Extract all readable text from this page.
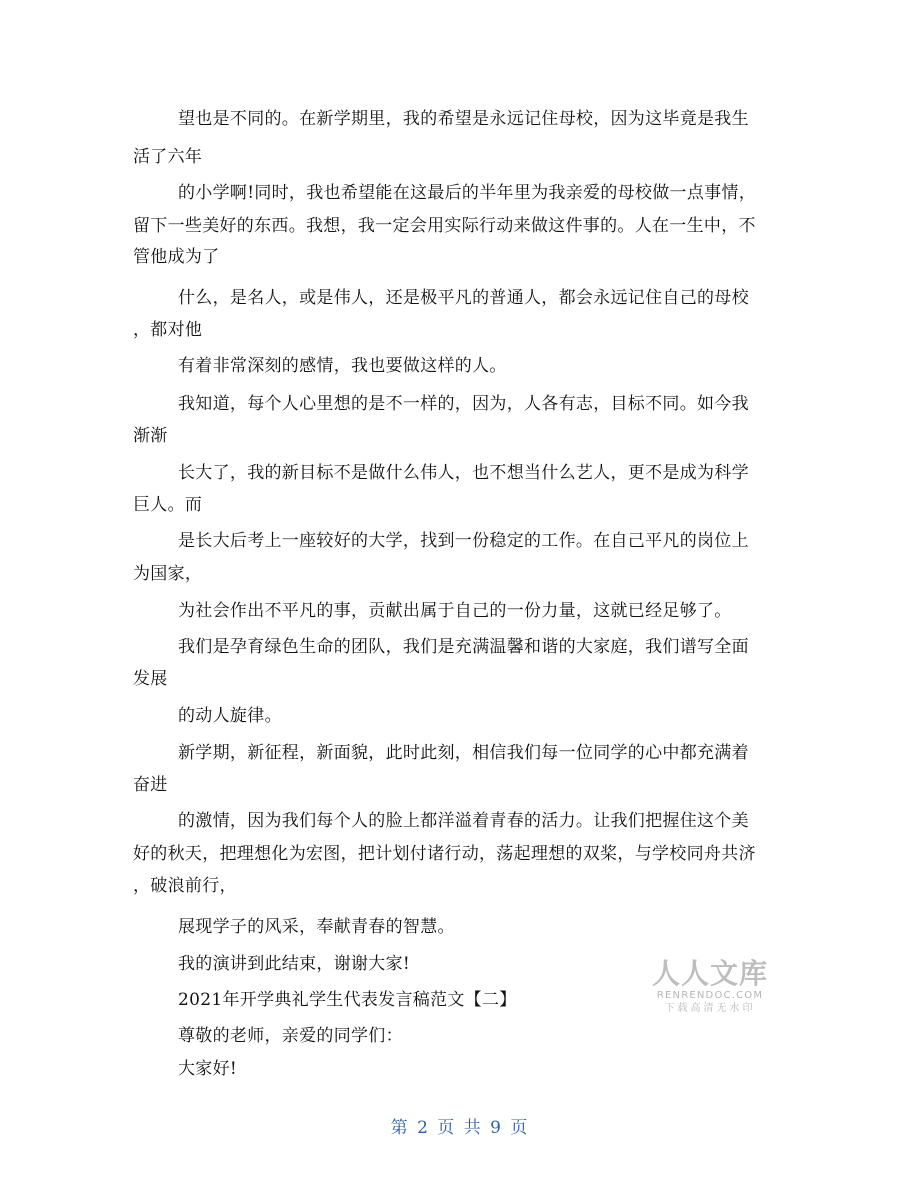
望也是不同的。在新学期里，我的希望是永远记住母校，因为这毕竟是我生
活了六年
的小学啊!同时，我也希望能在这最后的半年里为我亲爱的母校做一点事情，
留下一些美好的东西。我想，我一定会用实际行动来做这件事的。人在一生中，不
管他成为了
什么，是名人，或是伟人，还是极平凡的普通人，都会永远记住自己的母校
，都对他
有着非常深刻的感情，我也要做这样的人。
我知道，每个人心里想的是不一样的，因为，人各有志，目标不同。如今我
渐渐
长大了，我的新目标不是做什么伟人，也不想当什么艺人，更不是成为科学
巨人。而
是长大后考上一座较好的大学，找到一份稳定的工作。在自己平凡的岗位上
为国家，
为社会作出不平凡的事，贡献出属于自己的一份力量，这就已经足够了。
我们是孕育绿色生命的团队，我们是充满温馨和谐的大家庭，我们谱写全面
发展
的动人旋律。
新学期，新征程，新面貌，此时此刻，相信我们每一位同学的心中都充满着
奋进
的激情，因为我们每个人的脸上都洋溢着青春的活力。让我们把握住这个美
好的秋天，把理想化为宏图，把计划付诸行动，荡起理想的双桨，与学校同舟共济
，破浪前行，
展现学子的风采，奉献青春的智慧。
我的演讲到此结束，谢谢大家!
2021年开学典礼学生代表发言稿范文【二】
尊敬的老师，亲爱的同学们：
大家好!
人人文库
RENRENDOC.COM
下载高清无水印
第 2 页 共 9 页
